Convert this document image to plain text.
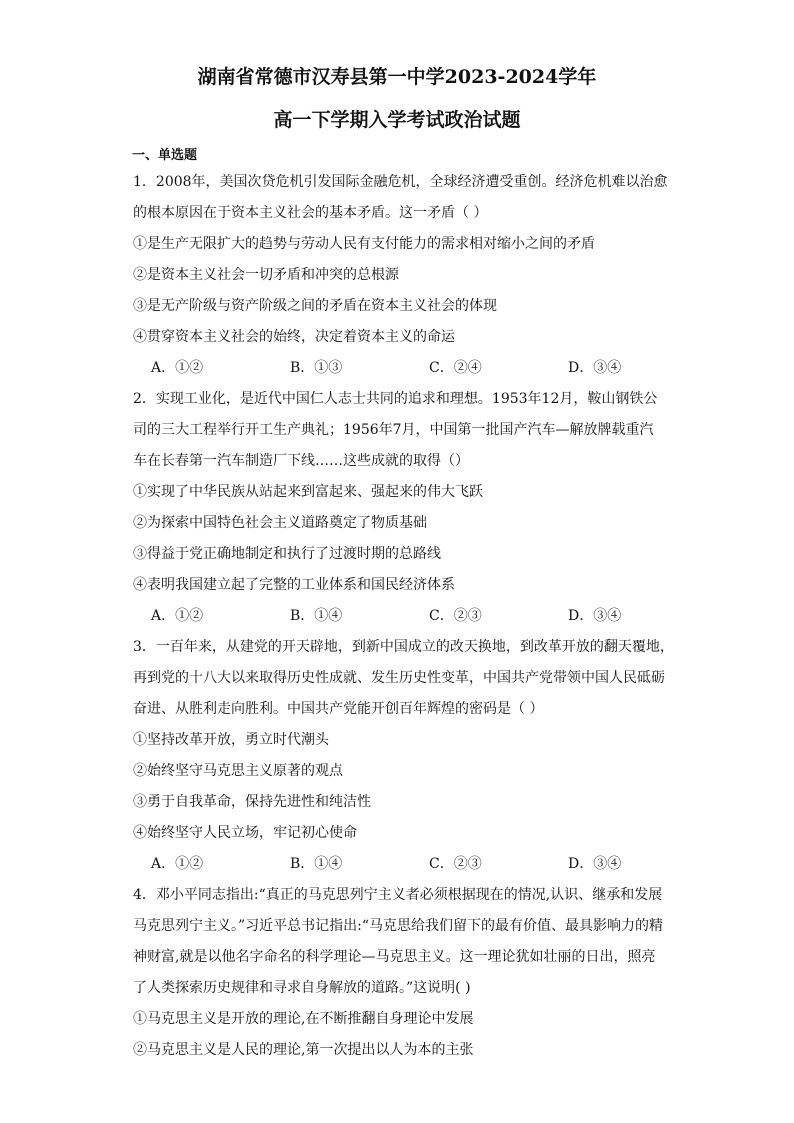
湖南省常德市汉寿县第一中学2023-2024学年
高一下学期入学考试政治试题
一、单选题
1．2008年，美国次贷危机引发国际金融危机，全球经济遭受重创。经济危机难以治愈
的根本原因在于资本主义社会的基本矛盾。这一矛盾（ ）
①是生产无限扩大的趋势与劳动人民有支付能力的需求相对缩小之间的矛盾
②是资本主义社会一切矛盾和冲突的总根源
③是无产阶级与资产阶级之间的矛盾在资本主义社会的体现
④贯穿资本主义社会的始终，决定着资本主义的命运
A．①②	B．①③	C．②④	D．③④
2．实现工业化，是近代中国仁人志士共同的追求和理想。1953年12月，鞍山钢铁公
司的三大工程举行开工生产典礼；1956年7月，中国第一批国产汽车—解放牌载重汽
车在长春第一汽车制造厂下线……这些成就的取得（）
①实现了中华民族从站起来到富起来、强起来的伟大飞跃
②为探索中国特色社会主义道路奠定了物质基础
③得益于党正确地制定和执行了过渡时期的总路线
④表明我国建立起了完整的工业体系和国民经济体系
A．①②	B．①④	C．②③	D．③④
3．一百年来，从建党的开天辟地，到新中国成立的改天换地，到改革开放的翻天覆地，
再到党的十八大以来取得历史性成就、发生历史性变革，中国共产党带领中国人民砥砺
奋进、从胜利走向胜利。中国共产党能开创百年辉煌的密码是（ ）
①坚持改革开放，勇立时代潮头
②始终坚守马克思主义原著的观点
③勇于自我革命，保持先进性和纯洁性
④始终坚守人民立场，牢记初心使命
A．①②	B．①④	C．②③	D．③④
4．邓小平同志指出:“真正的马克思列宁主义者必须根据现在的情况,认识、继承和发展
马克思列宁主义。”习近平总书记指出:“马克思给我们留下的最有价值、最具影响力的精
神财富,就是以他名字命名的科学理论—马克思主义。这一理论犹如壮丽的日出，照亮
了人类探索历史规律和寻求自身解放的道路。”这说明( )
①马克思主义是开放的理论,在不断推翻自身理论中发展
②马克思主义是人民的理论,第一次提出以人为本的主张
